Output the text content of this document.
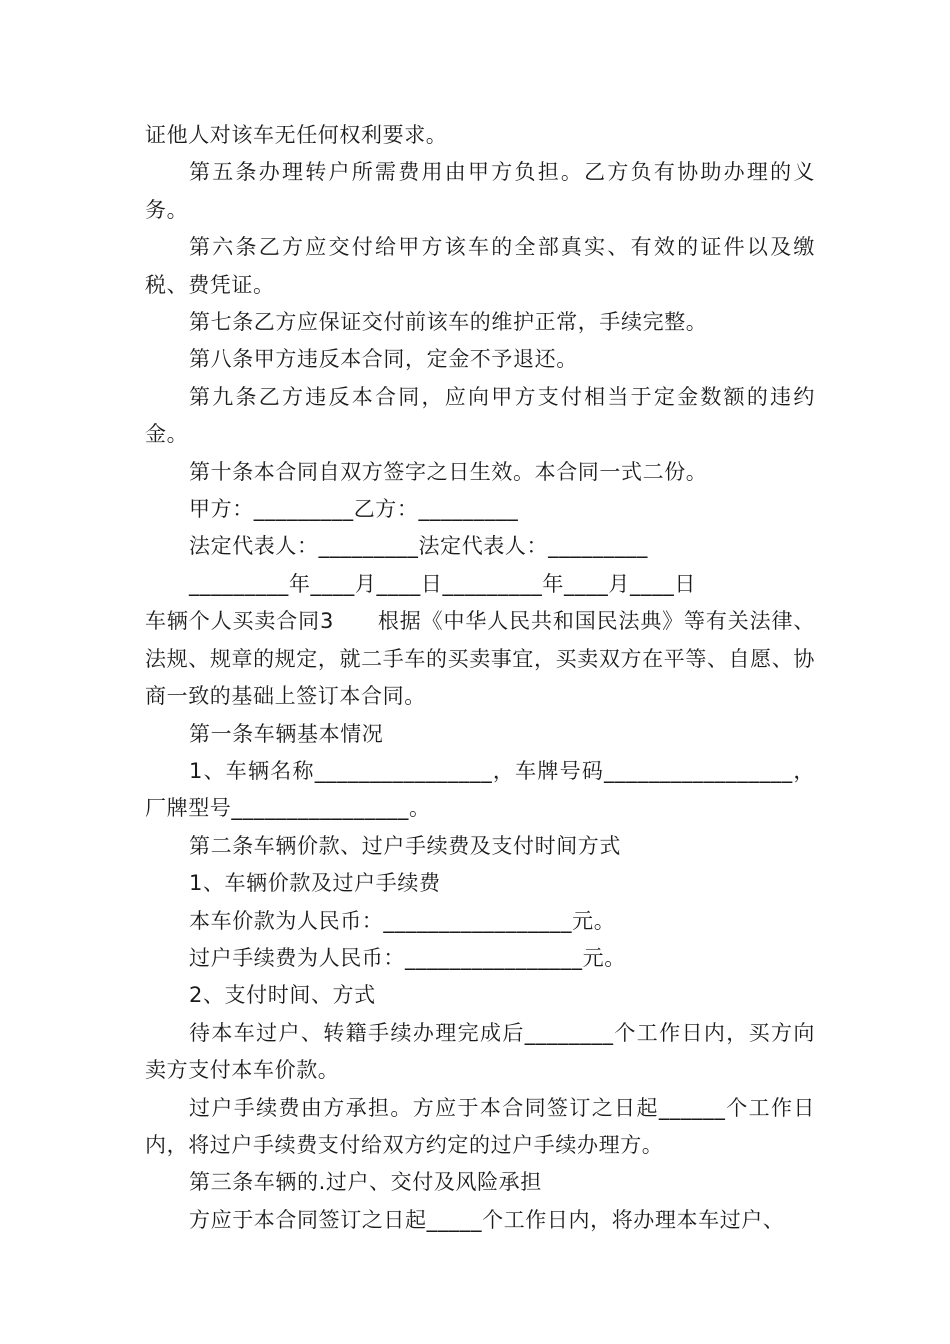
证他人对该车无任何权利要求。

第五条办理转户所需费用由甲方负担。乙方负有协助办理的义务。

第六条乙方应交付给甲方该车的全部真实、有效的证件以及缴税、费凭证。

第七条乙方应保证交付前该车的维护正常，手续完整。

第八条甲方违反本合同，定金不予退还。

第九条乙方违反本合同，应向甲方支付相当于定金数额的违约金。

第十条本合同自双方签字之日生效。本合同一式二份。

甲方：_________乙方：_________

法定代表人：_________法定代表人：_________

_________年____月____日_________年____月____日

车辆个人买卖合同3　　根据《中华人民共和国民法典》等有关法律、法规、规章的规定，就二手车的买卖事宜，买卖双方在平等、自愿、协商一致的基础上签订本合同。

第一条车辆基本情况

1、车辆名称________________，车牌号码_________________，厂牌型号________________。

第二条车辆价款、过户手续费及支付时间方式

1、车辆价款及过户手续费

本车价款为人民币：_________________元。

过户手续费为人民币：________________元。

2、支付时间、方式

待本车过户、转籍手续办理完成后________个工作日内，买方向卖方支付本车价款。

过户手续费由方承担。方应于本合同签订之日起______个工作日内，将过户手续费支付给双方约定的过户手续办理方。

第三条车辆的.过户、交付及风险承担

方应于本合同签订之日起_____个工作日内，将办理本车过户、
